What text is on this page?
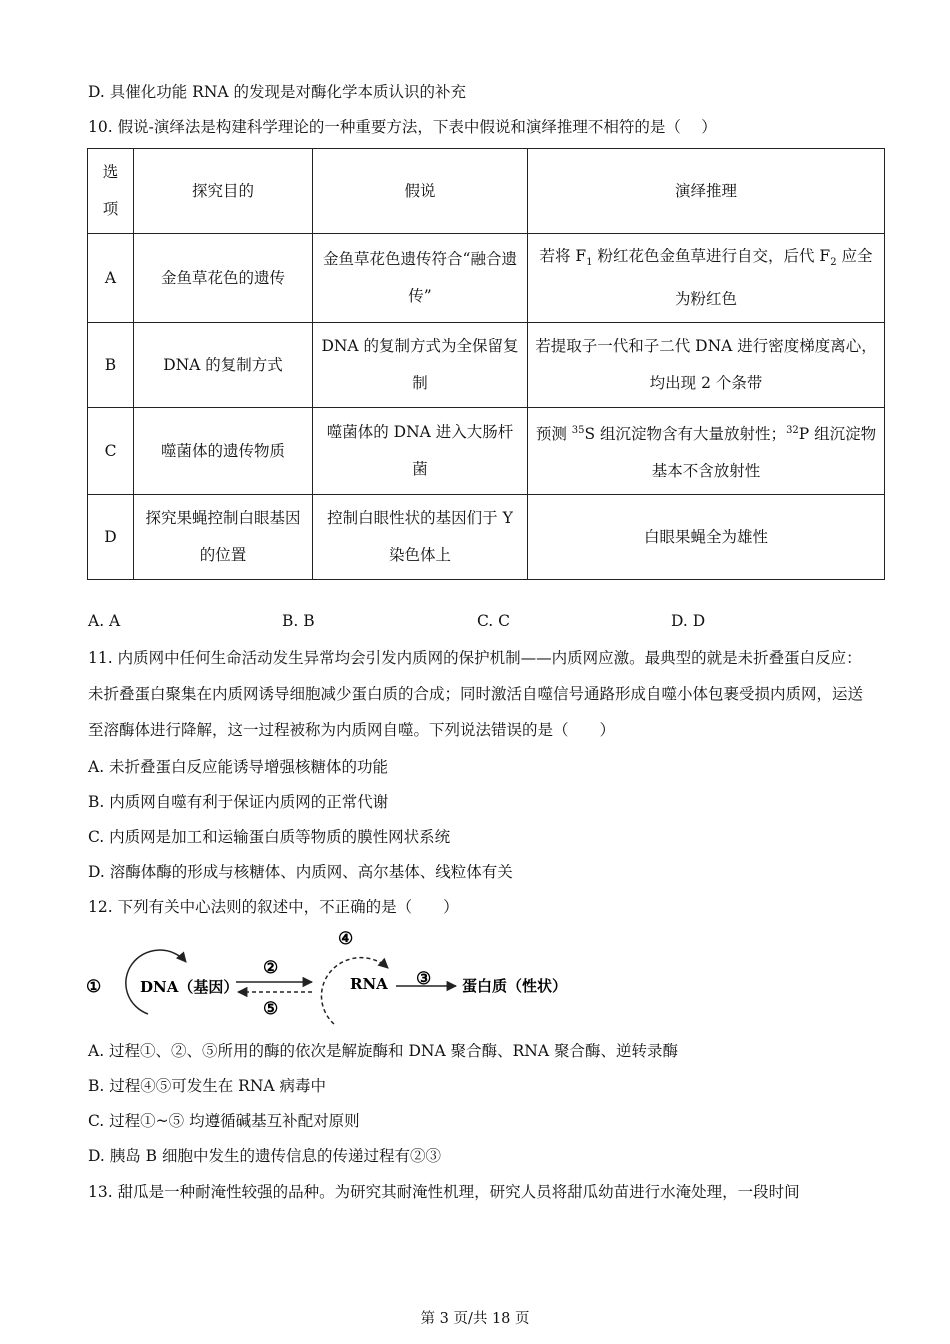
D. 具催化功能 RNA 的发现是对酶化学本质认识的补充
10. 假说-演绎法是构建科学理论的一种重要方法，下表中假说和演绎推理不相符的是（　 ）
选
项	探究目的	假说	演绎推理
A	金鱼草花色的遗传	金鱼草花色遗传符合“融合遗传”	若将 $F_1$ 粉红花色金鱼草进行自交，后代 $F_2$ 应全为粉红色
B	DNA 的复制方式	DNA 的复制方式为全保留复制	若提取子一代和子二代 DNA 进行密度梯度离心，均出现 2 个条带
C	噬菌体的遗传物质	噬菌体的 DNA 进入大肠杆菌	预测 $^{35}$S 组沉淀物含有大量放射性；$^{32}$P 组沉淀物基本不含放射性
D	探究果蝇控制白眼基因的位置	控制白眼性状的基因们于 Y 染色体上	白眼果蝇全为雄性
A. A	B. B	C. C	D. D
11. 内质网中任何生命活动发生异常均会引发内质网的保护机制——内质网应激。最典型的就是未折叠蛋白反应：未折叠蛋白聚集在内质网诱导细胞减少蛋白质的合成；同时激活自噬信号通路形成自噬小体包裹受损内质网，运送至溶酶体进行降解，这一过程被称为内质网自噬。下列说法错误的是（　　）
A. 未折叠蛋白反应能诱导增强核糖体的功能
B. 内质网自噬有利于保证内质网的正常代谢
C. 内质网是加工和运输蛋白质等物质的膜性网状系统
D. 溶酶体酶的形成与核糖体、内质网、高尔基体、线粒体有关
12. 下列有关中心法则的叙述中，不正确的是（　　）
①	DNA（基因）
②
⑤
④
RNA ③ 蛋白质（性状）
A. 过程①、②、⑤所用的酶的依次是解旋酶和 DNA 聚合酶、RNA 聚合酶、逆转录酶
B. 过程④⑤可发生在 RNA 病毒中
C. 过程①~⑤ 均遵循碱基互补配对原则
D. 胰岛 B 细胞中发生的遗传信息的传递过程有②③
13. 甜瓜是一种耐淹性较强的品种。为研究其耐淹性机理，研究人员将甜瓜幼苗进行水淹处理，一段时间
第 3 页/共 18 页
